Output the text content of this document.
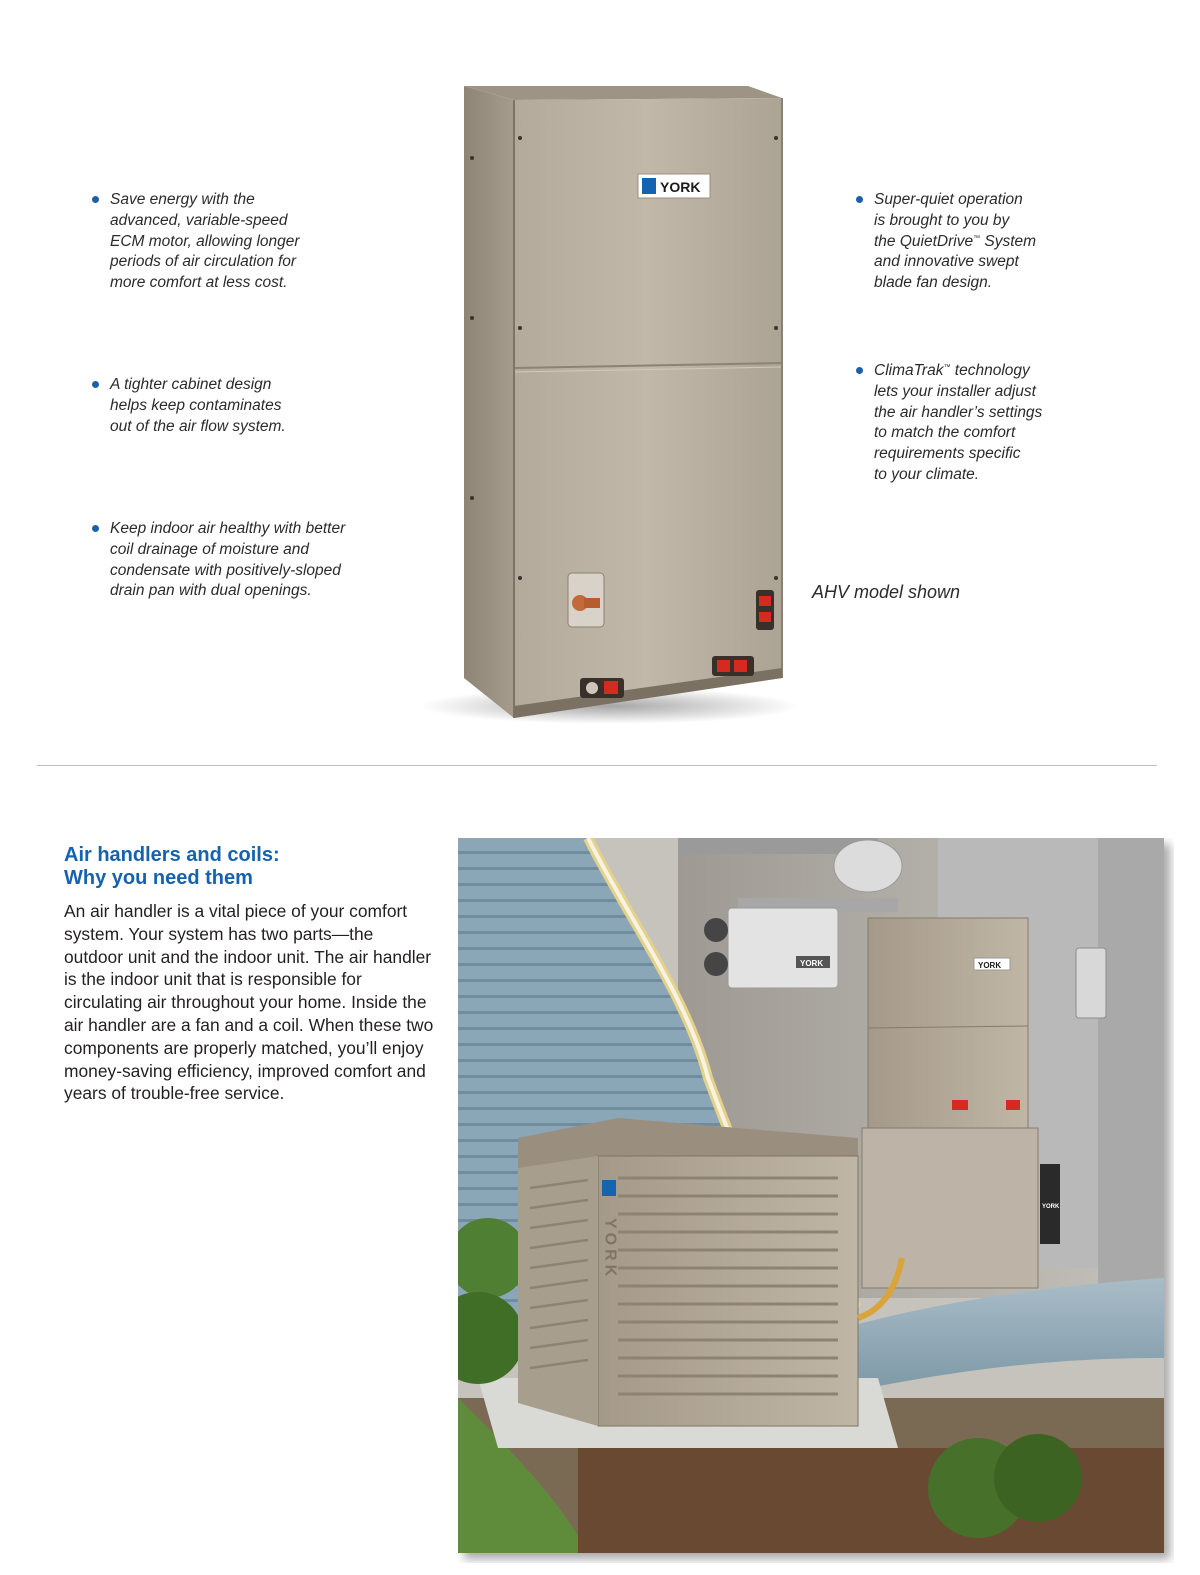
Save energy with the
advanced, variable-speed
ECM motor, allowing longer
periods of air circulation for
more comfort at less cost.
A tighter cabinet design
helps keep contaminates
out of the air flow system.
Keep indoor air healthy with better
coil drainage of moisture and
condensate with positively-sloped
drain pan with dual openings.
Super-quiet operation
is brought to you by
the QuietDrive™ System
and innovative swept
blade fan design.
ClimaTrak™ technology
lets your installer adjust
the air handler’s settings
to match the comfort
requirements specific
to your climate.
YORK
AHV model shown
Air handlers and coils:
Why you need them

An air handler is a vital piece of your comfort system. Your system has two parts—the outdoor unit and the indoor unit. The air handler is the indoor unit that is responsible for circulating air throughout your home. Inside the air handler are a fan and a coil. When these two components are properly matched, you’ll enjoy money-saving efficiency, improved comfort and years of trouble-free service.

YORK	YORK
YORK
YORK
